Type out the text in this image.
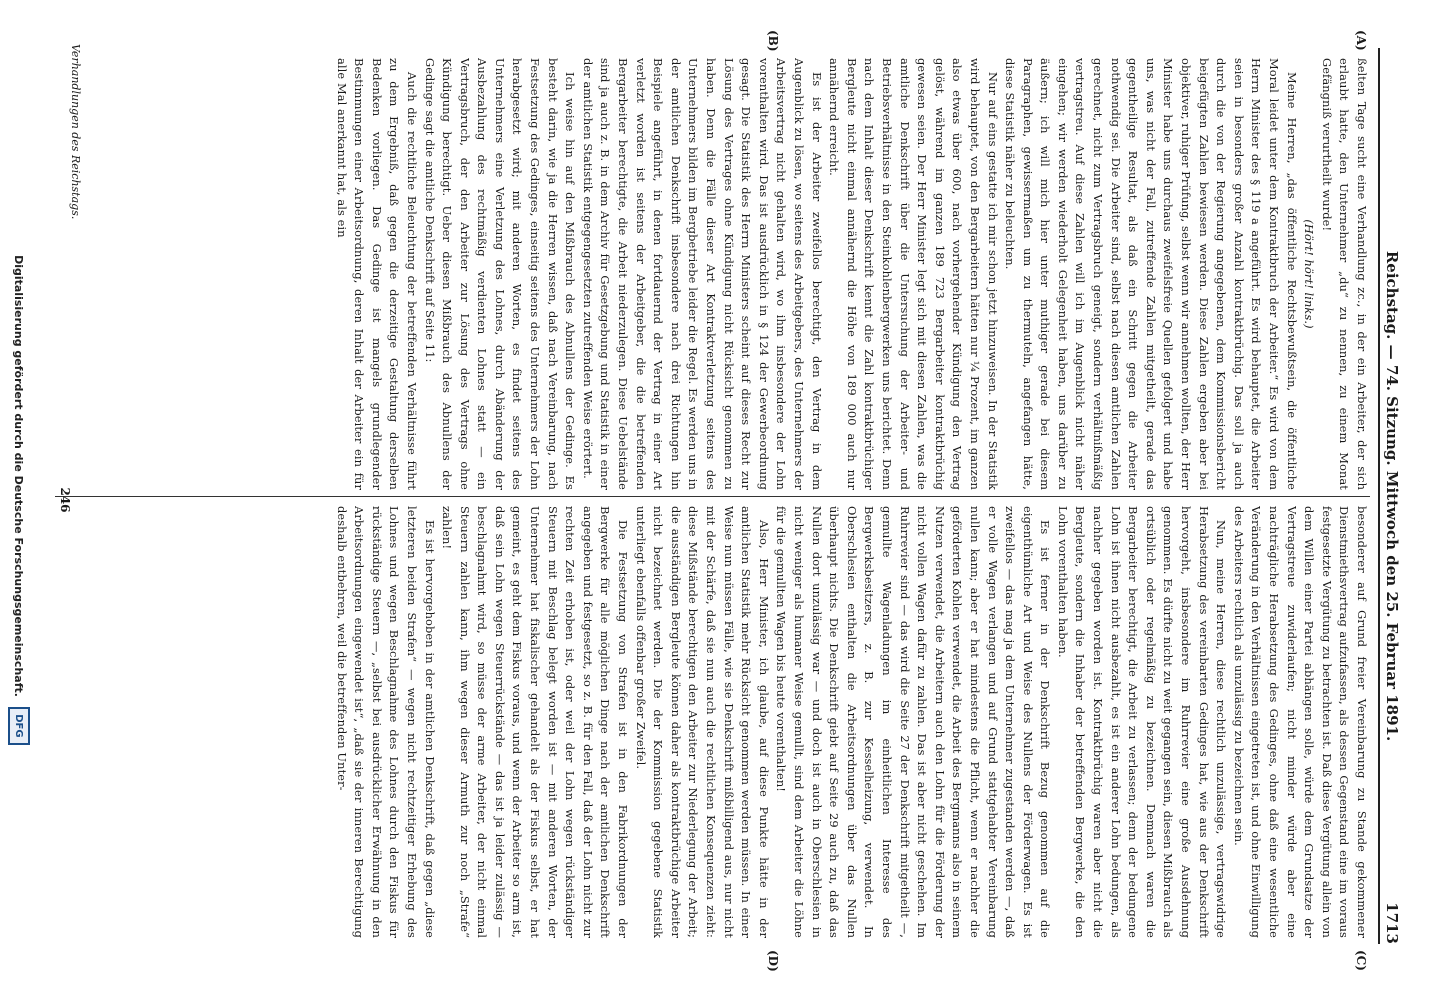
Reichstag. — 74. Sitzung. Mittwoch den 25. Februar 1891.
1713
(A)
(B)
(C)
(D)

ßelten Tage sucht eine Verhandlung zc., in der ein Arbeiter, der sich erlaubt hatte, den Unternehmer „du“ zu nennen, zu einem Monat Gefängniß verurtheilt wurde!

(Hört! hört! links.)

Meine Herren, „das öffentliche Rechtsbewußtsein, die öffentliche Moral leidet unter dem Kontraktbruch der Arbeiter.“ Es wird von dem Herrn Minister des § 119 a angeführt. Es wird behauptet, die Arbeiter seien in besonders großer Anzahl kontraktbrüchig. Das soll ja auch durch die von der Regierung angegebenen, dem Kommissionsbericht beigefügten Zahlen bewiesen werden. Diese Zahlen ergeben aber bei objektiver, ruhiger Prüfung, selbst wenn wir annehmen wollten, der Herr Minister habe uns durchaus zweifelsfreie Quellen gefolgert und habe uns, was nicht der Fall, zutreffende Zahlen mitgetheilt, gerade das gegentheilige Resultat, als daß ein Schritt gegen die Arbeiter nothwendig sei. Die Arbeiter sind, selbst nach diesen amtlichen Zahlen gerechnet, nicht zum Vertragsbruch geneigt, sondern verhältnißmäßig vertragstreu. Auf diese Zahlen will ich im Augenblick nicht näher eingehen; wir werden wiederholt Gelegenheit haben, uns darüber zu äußern; ich will mich hier unter muthiger gerade bei diesem Paragraphen, gewissermaßen um zu thermuteln, angefangen hätte, diese Statistik näher zu beleuchten.

Nur auf eins gestatte ich mir schon jetzt hinzuweisen. In der Statistik wird behauptet, von den Bergarbeitern hätten nur ¼ Prozent, im ganzen also etwas über 600, nach vorhergehender Kündigung den Vertrag gelöst, während im ganzen 189 723 Bergarbeiter kontraktbrüchig gewesen seien. Der Herr Minister legt sich mit diesen Zahlen, was die amtliche Denkschrift über die Untersuchung der Arbeiter- und Betriebsverhältnisse in den Steinkohlenbergwerken uns berichtet. Denn nach dem Inhalt dieser Denkschrift kennt die Zahl kontraktbrüchiger Bergleute nicht einmal annähernd die Höhe von 189 000 auch nur annähernd erreicht.

Es ist der Arbeiter zweifellos berechtigt, den Vertrag in dem Augenblick zu lösen, wo seitens des Arbeitgebers, des Unternehmers der Arbeitsvertrag nicht gehalten wird, wo ihm insbesondere der Lohn vorenthalten wird. Das ist ausdrücklich in § 124 der Gewerbeordnung gesagt. Die Statistik des Herrn Ministers scheint auf dieses Recht zur Lösung des Vertrages ohne Kündigung nicht Rücksicht genommen zu haben. Denn die Fälle dieser Art Kontraktverletzung seitens des Unternehmers bilden im Bergbetriebe leider die Regel. Es werden uns in der amtlichen Denkschrift insbesondere nach drei Richtungen hin Beispiele angeführt, in denen fortdauernd der Vertrag in einer Art verletzt worden ist seitens der Arbeitgeber, die die betreffenden Bergarbeiter berechtigte, die Arbeit niederzulegen. Diese Uebelstände sind ja auch z. B. in dem Archiv für Gesetzgebung und Statistik in einer der amtlichen Statistik entgegengesetzten zutreffenden Weise erörtert.

Ich weise hin auf den Mißbrauch des Abnullens der Gedinge. Es besteht darin, wie ja die Herren wissen, daß nach Vereinbarung, nach Festsetzung des Gedinges, einseitig seitens des Unternehmers der Lohn herabgesetzt wird; mit anderen Worten, es findet seitens des Unternehmers eine Verletzung des Lohnes, durch Abänderung der Ausbezahlung des rechtmäßig verdienten Lohnes statt — ein Vertragsbruch, der den Arbeiter zur Lösung des Vertrags ohne Kündigung berechtigt. Ueber diesen Mißbrauch des Abnullens der Gedinge sagt die amtliche Denkschrift auf Seite 11:

Auch die rechtliche Beleuchtung der betreffenden Verhältnisse führt zu dem Ergebniß, daß gegen die derzeitige Gestaltung derselben Bedenken vorliegen. Das Gedinge ist mangels grundlegender Bestimmungen einer Arbeitsordnung, deren Inhalt der Arbeiter ein für alle Mal anerkannt hat, als ein

besonderer auf Grund freier Vereinbarung zu Stande gekommener Dienstmiethsvertrag aufzufassen, als dessen Gegenstand eine im voraus festgesetzte Vergütung zu betrachten ist. Daß diese Vergütung allein von dem Willen einer Partei abhängen solle, würde dem Grundsatze der Vertragstreue zuwiderlaufen; nicht minder würde aber eine nachträgliche Herabsetzung des Gedinges, ohne daß eine wesentliche Veränderung in den Verhältnissen eingetreten ist, und ohne Einwilligung des Arbeiters rechtlich als unzulässig zu bezeichnen sein.

Nun, meine Herren, diese rechtlich unzulässige, vertragswidrige Herabsetzung des vereinbarten Gedinges hat, wie aus der Denkschrift hervorgeht, insbesondere im Ruhrrevier eine große Ausdehnung genommen. Es dürfte nicht zu weit gegangen sein, diesen Mißbrauch als ortsüblich oder regelmäßig zu bezeichnen. Demnach waren die Bergarbeiter berechtigt, die Arbeit zu verlassen; denn der bedungene Lohn ist ihnen nicht ausbezahlt, es ist ein anderer Lohn bedungen, als nachher gegeben worden ist. Kontraktbrüchig waren aber nicht die Bergleute, sondern die Inhaber der betreffenden Bergwerke, die den Lohn vorenthalten haben.

Es ist ferner in der Denkschrift Bezug genommen auf die eigenthümliche Art und Weise des Nullens der Förderwagen. Es ist zweifellos — das mag ja dem Unternehmer zugestanden werden —, daß er volle Wagen verlangen und auf Grund stattgehabter Vereinbarung nullen kann; aber er hat mindestens die Pflicht, wenn er nachher die geförderten Kohlen verwendet, die Arbeit des Bergmanns also in seinem Nutzen verwendet, die Arbeitern auch den Lohn für die Förderung der nicht vollen Wagen dafür zu zahlen. Das ist aber nicht geschehen. Im Ruhrrevier sind — das wird die Seite 27 der Denkschrift mitgetheilt —, gemullte Wagenladungen im einheitlichen Interesse des Bergwerksbesitzers, z. B. zur Kesselheizung, verwendet. In Oberschlesien enthalten die Arbeitsordnungen über das Nullen überhaupt nichts. Die Denkschrift giebt auf Seite 29 auch zu, daß das Nullen dort unzulässig war — und doch ist auch in Oberschlesien in nicht weniger als humaner Weise gemullt, sind dem Arbeiter die Löhne für die gemullten Wagen bis heute vorenthalten!

Also, Herr Minister, ich glaube, auf diese Punkte hätte in der amtlichen Statistik mehr Rücksicht genommen werden müssen. In einer Weise nun müssen Fälle, wie sie Denkschrift mißbilligend aus, nur nicht mit der Schärfe, daß sie nun auch die rechtlichen Konsequenzen zieht: diese Mißstände berechtigen den Arbeiter zur Niederlegung der Arbeit; die ausständigen Bergleute können daher als kontraktbrüchige Arbeiter nicht bezeichnet werden. Die der Kommission gegebene Statistik unterliegt ebenfalls offenbar großer Zweifel.

Die Festsetzung von Strafen ist in den Fabrikordnungen der Bergwerke für alle möglichen Dinge nach der amtlichen Denkschrift angegeben und festgesetzt, so z. B. für den Fall, daß der Lohn nicht zur rechten Zeit erhoben ist, oder weil der Lohn wegen rückständiger Steuern mit Beschlag belegt worden ist — mit anderen Worten, der Unternehmer hat fiskalischer gehandelt als der Fiskus selbst, er hat gemeint, es geht dem Fiskus voraus, und wenn der Arbeiter so arm ist, daß sein Lohn wegen Steuerrückstände — das ist ja leider zulässig — beschlagnahmt wird, so müsse der arme Arbeiter, der nicht einmal Steuern zahlen kann, ihm wegen dieser Armuth zur noch „Strafe“ zahlen!

Es ist hervorgehoben in der amtlichen Denkschrift, daß gegen „diese letzteren beiden Strafen“ — wegen nicht rechtzeitiger Erhebung des Lohnes und wegen Beschlagnahme des Lohnes durch den Fiskus für rückständige Steuern —, „selbst bei ausdrücklicher Erwähnung in den Arbeitsordnungen eingewendet ist“, „daß sie der inneren Berechtigung deshalb entbehren, weil die betreffenden Unter-

Verhandlungen des Reichstags.
246
Digitalisierung gefördert durch die Deutsche Forschungsgemeinschaft.
DFG
